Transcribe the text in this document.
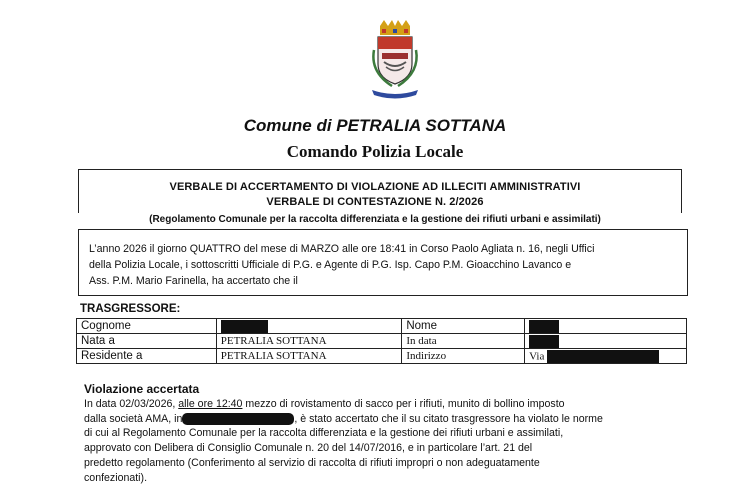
Comune di PETRALIA SOTTANA
Comando Polizia Locale
VERBALE DI ACCERTAMENTO DI VIOLAZIONE AD ILLECITI AMMINISTRATIVI
VERBALE DI CONTESTAZIONE N. 2/2026
(Regolamento Comunale per la raccolta differenziata e la gestione dei rifiuti urbani e assimilati)
L’anno 2026 il giorno QUATTRO del mese di MARZO alle ore 18:41 in Corso Paolo Agliata n. 16, negli Uffici
della Polizia Locale, i sottoscritti Ufficiale di P.G. e Agente di P.G. Isp. Capo P.M. Gioacchino Lavanco e
Ass. P.M. Mario Farinella, ha accertato che il
TRASGRESSORE:
Cognome		Nome	
Nata a	PETRALIA SOTTANA	In data	
Residente a	PETRALIA SOTTANA	Indirizzo	Via
Violazione accertata
In data 02/03/2026, alle ore 12:40 mezzo di rovistamento di sacco per i rifiuti, munito di bollino imposto
dalla società AMA, in	, è stato accertato che il su citato trasgressore ha violato le norme
di cui al Regolamento Comunale per la raccolta differenziata e la gestione dei rifiuti urbani e assimilati,
approvato con Delibera di Consiglio Comunale n. 20 del 14/07/2016, e in particolare l’art. 21 del
predetto regolamento (Conferimento al servizio di raccolta di rifiuti impropri o non adeguatamente
confezionati).
